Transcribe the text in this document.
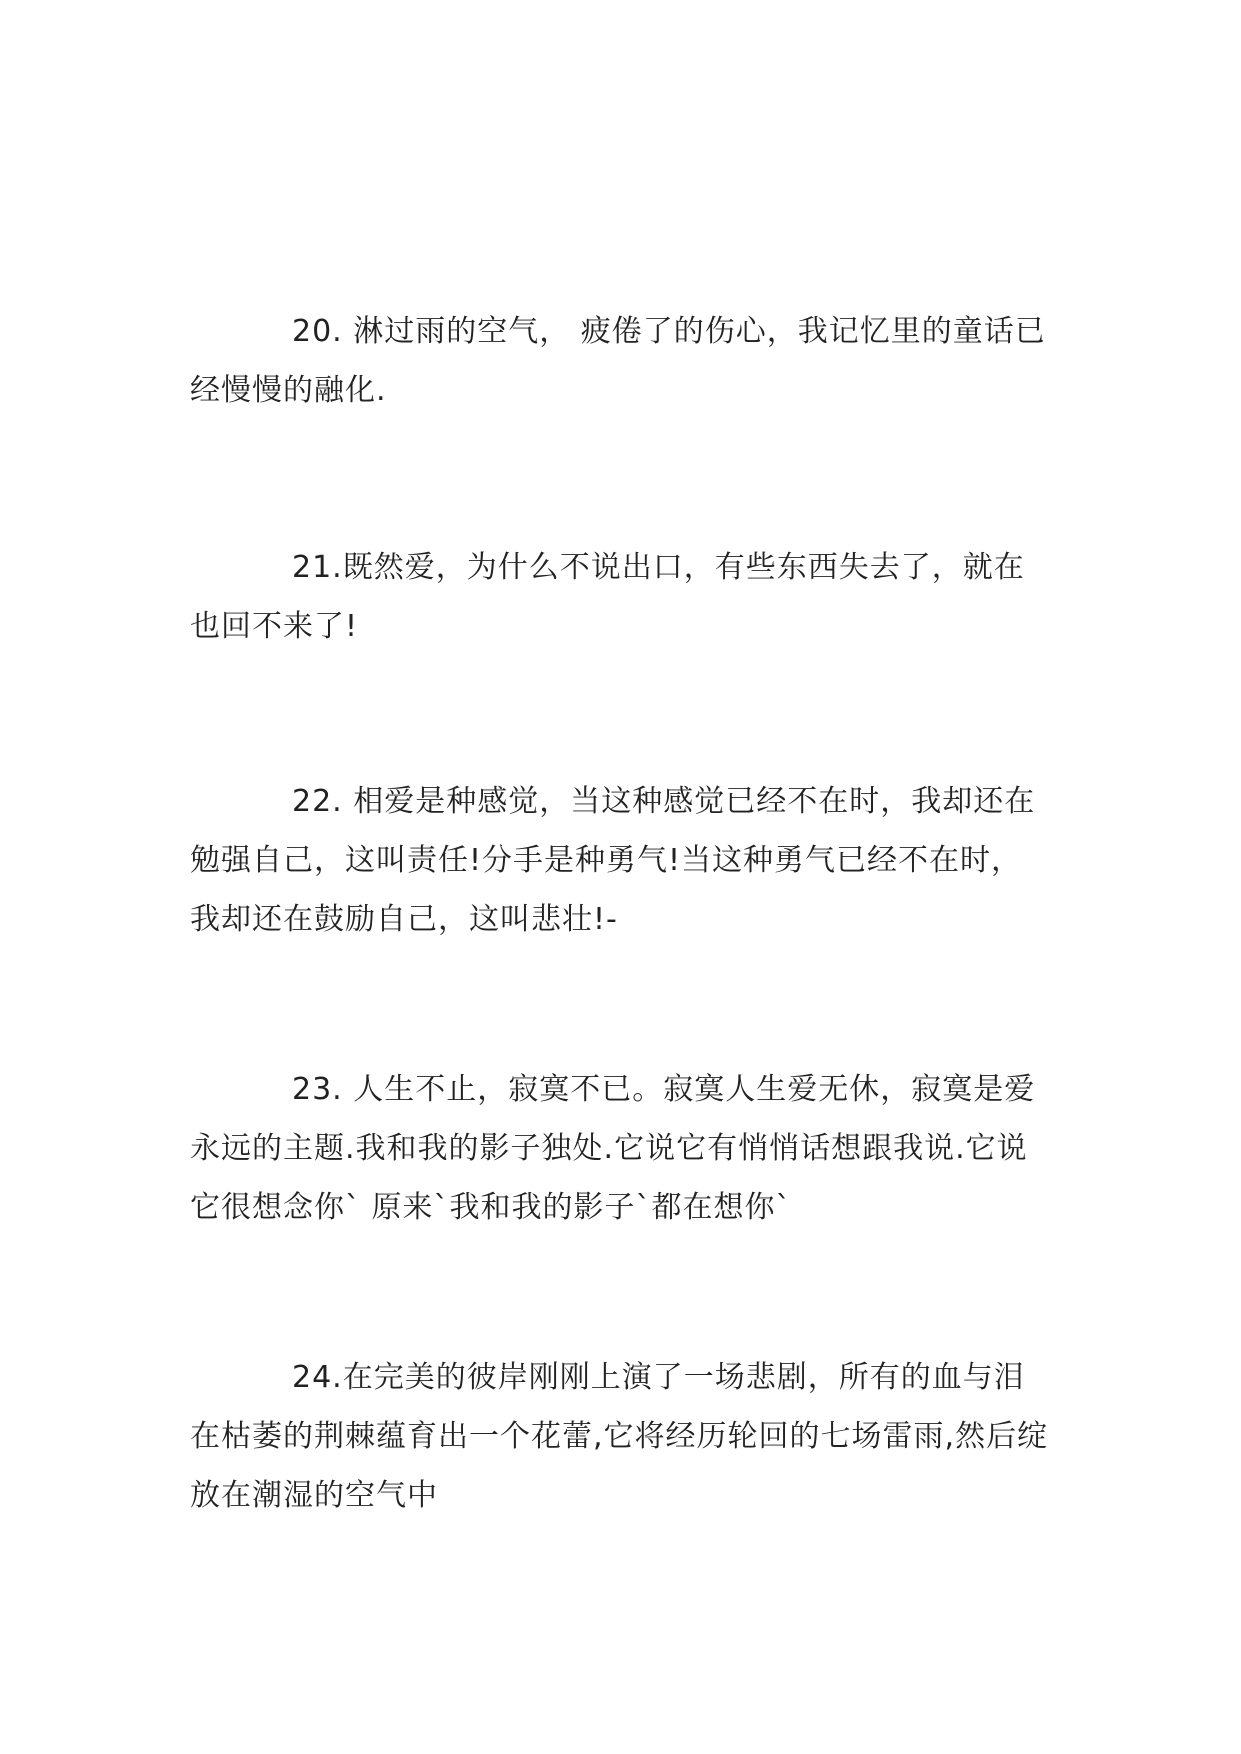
20. 淋过雨的空气， 疲倦了的伤心，我记忆里的童话已经慢慢的融化.

21.既然爱，为什么不说出口，有些东西失去了，就在也回不来了!

22. 相爱是种感觉，当这种感觉已经不在时，我却还在勉强自己，这叫责任!分手是种勇气!当这种勇气已经不在时，我却还在鼓励自己，这叫悲壮!-

23. 人生不止，寂寞不已。寂寞人生爱无休，寂寞是爱永远的主题.我和我的影子独处.它说它有悄悄话想跟我说.它说它很想念你` 原来`我和我的影子`都在想你`

24.在完美的彼岸刚刚上演了一场悲剧，所有的血与泪在枯萎的荆棘蕴育出一个花蕾,它将经历轮回的七场雷雨,然后绽放在潮湿的空气中
